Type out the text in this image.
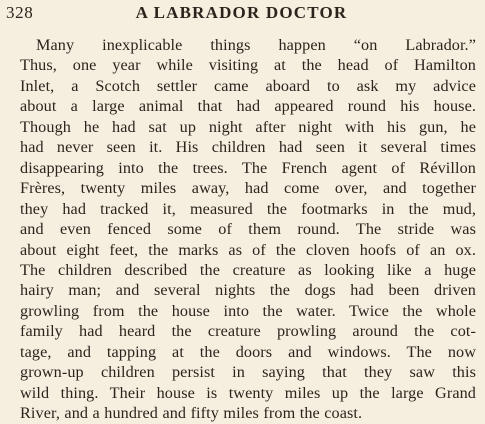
328	A LABRADOR DOCTOR

Many inexplicable things happen “on Labrador.”
Thus, one year while visiting at the head of Hamilton
Inlet, a Scotch settler came aboard to ask my advice
about a large animal that had appeared round his house.
Though he had sat up night after night with his gun, he
had never seen it. His children had seen it several times
disappearing into the trees. The French agent of Révillon
Frères, twenty miles away, had come over, and together
they had tracked it, measured the footmarks in the mud,
and even fenced some of them round. The stride was
about eight feet, the marks as of the cloven hoofs of an ox.
The children described the creature as looking like a huge
hairy man; and several nights the dogs had been driven
growling from the house into the water. Twice the whole
family had heard the creature prowling around the cot-
tage, and tapping at the doors and windows. The now
grown-up children persist in saying that they saw this
wild thing. Their house is twenty miles up the large Grand
River, and a hundred and fifty miles from the coast.
